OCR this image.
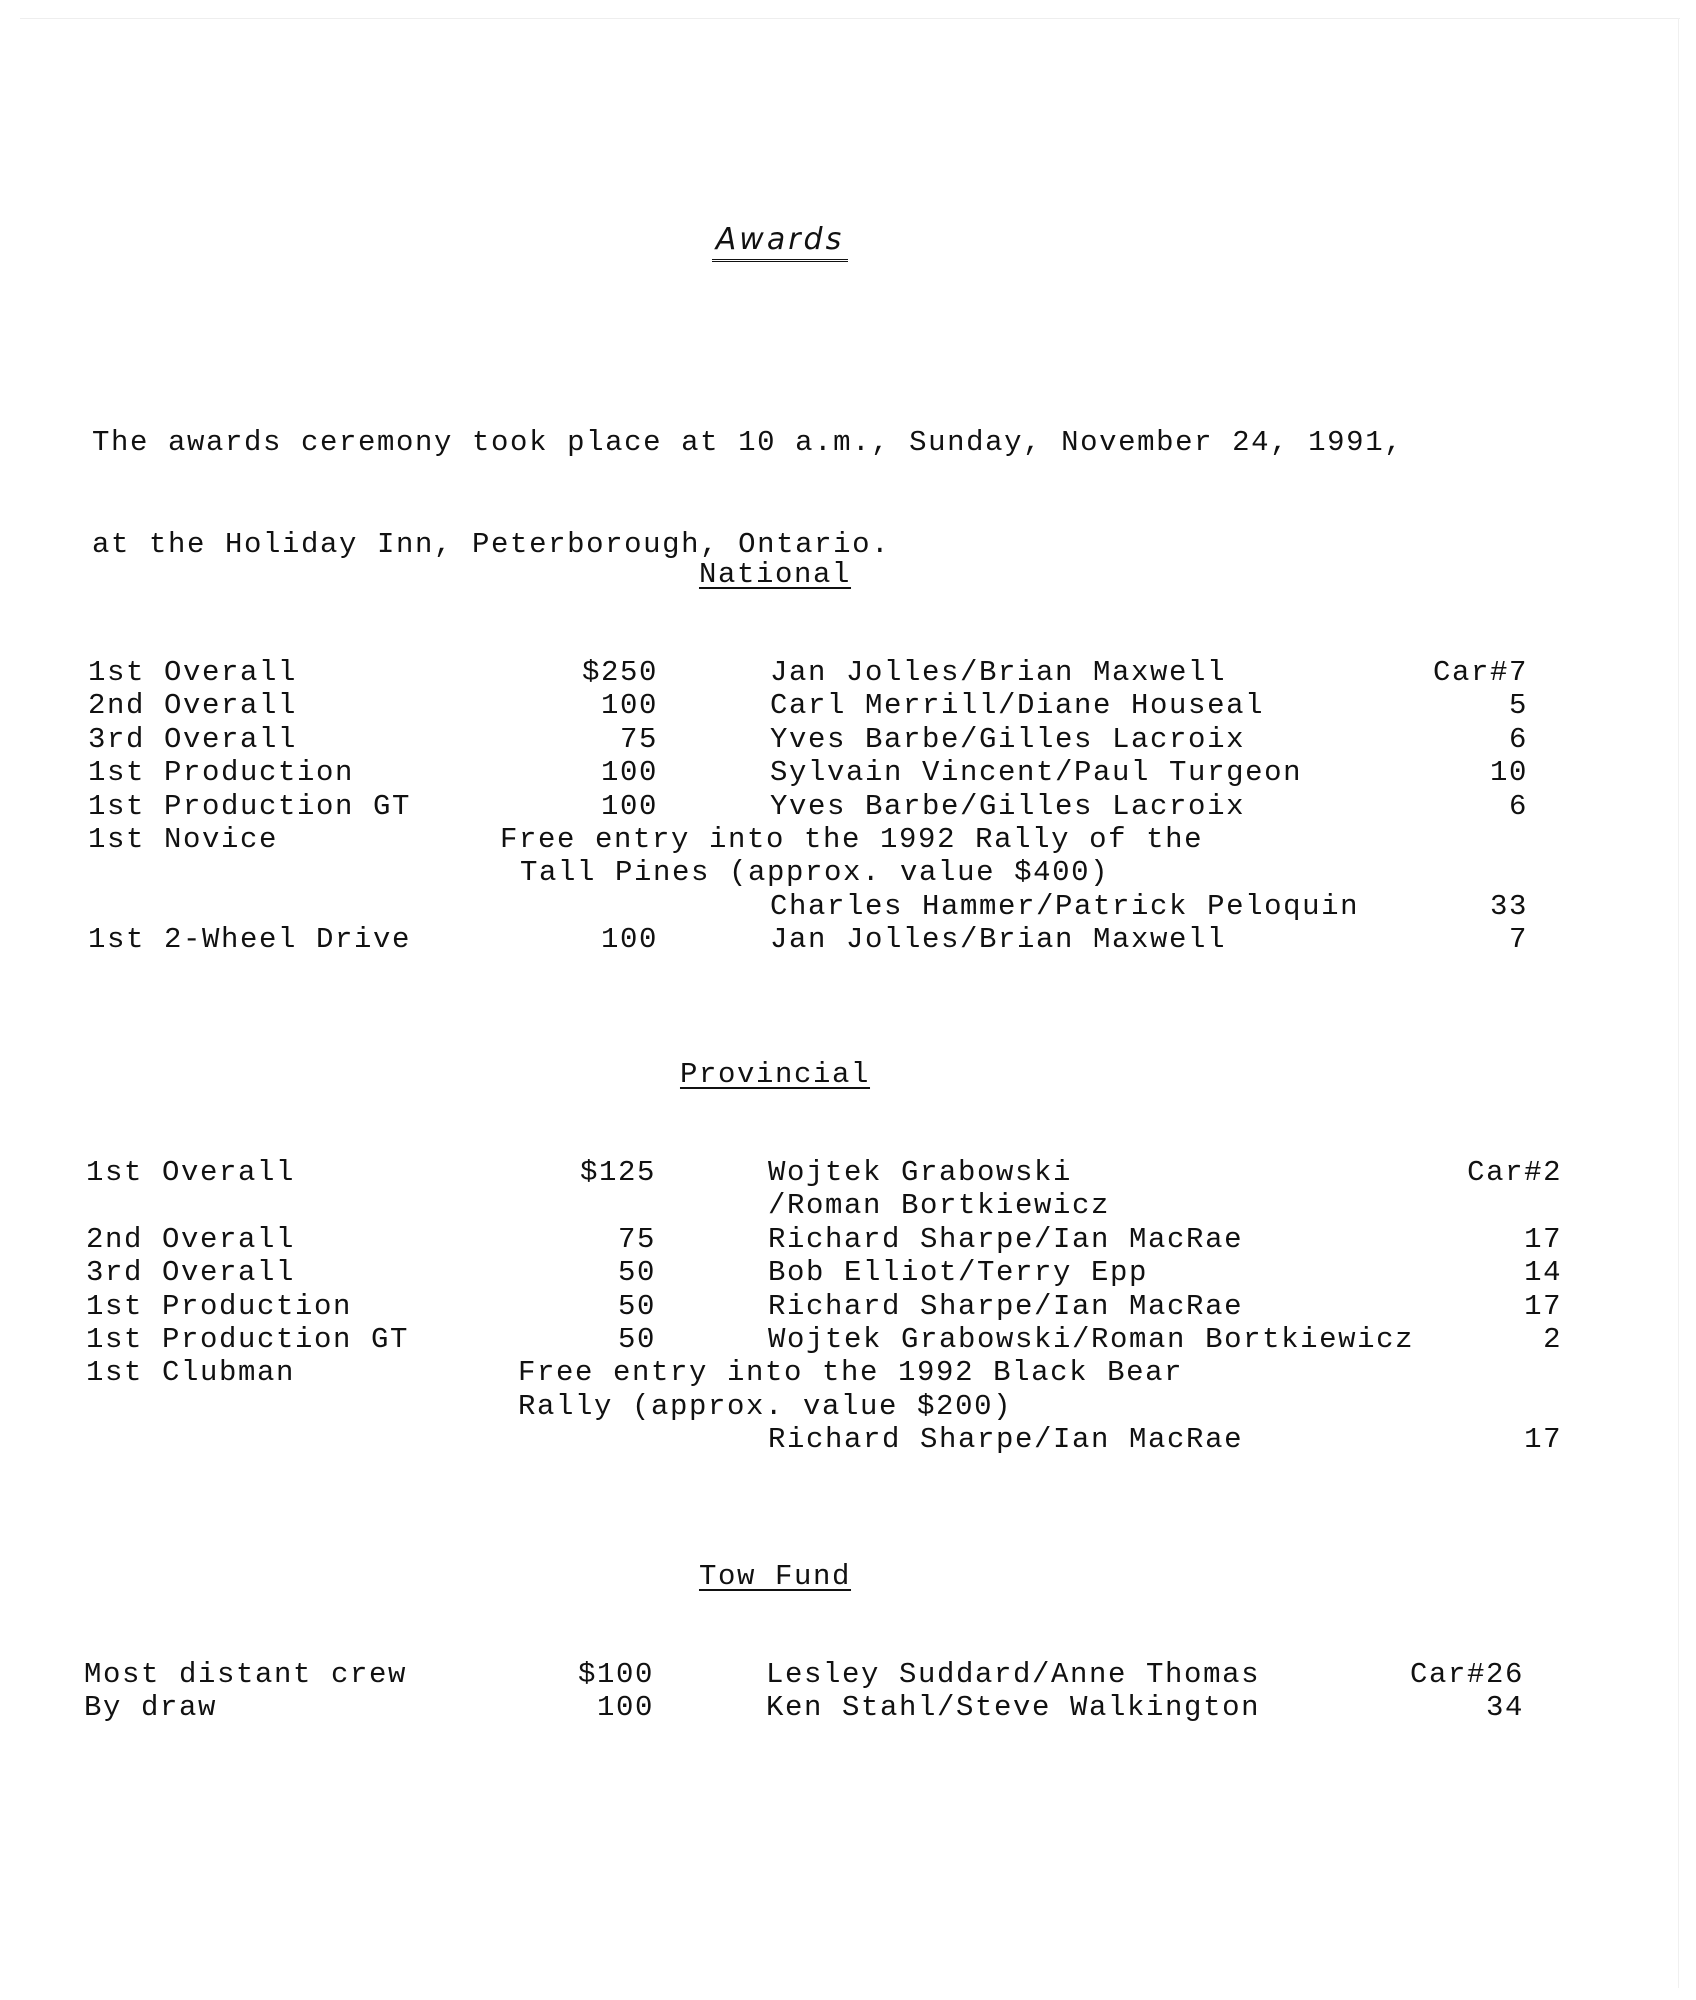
Awards

The awards ceremony took place at 10 a.m., Sunday, November 24, 1991,

at the Holiday Inn, Peterborough, Ontario.

National
1st Overall	$250		Jan Jolles/Brian Maxwell	Car#7
2nd Overall	100		Carl Merrill/Diane Houseal	5
3rd Overall	75		Yves Barbe/Gilles Lacroix	6
1st Production	100		Sylvain Vincent/Paul Turgeon	10
1st Production GT	100		Yves Barbe/Gilles Lacroix	6
1st Novice	Free entry into the 1992 Rally of the			

	Tall Pines (approx. value $400)			

			Charles Hammer/Patrick Peloquin	33
1st 2-Wheel Drive	100		Jan Jolles/Brian Maxwell	7
Provincial
1st Overall	$125		Wojtek Grabowski	Car#2
			/Roman Bortkiewicz	
2nd Overall	75		Richard Sharpe/Ian MacRae	17
3rd Overall	50		Bob Elliot/Terry Epp	14
1st Production	50		Richard Sharpe/Ian MacRae	17
1st Production GT	50		Wojtek Grabowski/Roman Bortkiewicz	2
1st Clubman	Free entry into the 1992 Black Bear			

	Rally (approx. value $200)			

			Richard Sharpe/Ian MacRae	17
Tow Fund
Most distant crew	$100		Lesley Suddard/Anne Thomas	Car#26
By draw	100		Ken Stahl/Steve Walkington	34
